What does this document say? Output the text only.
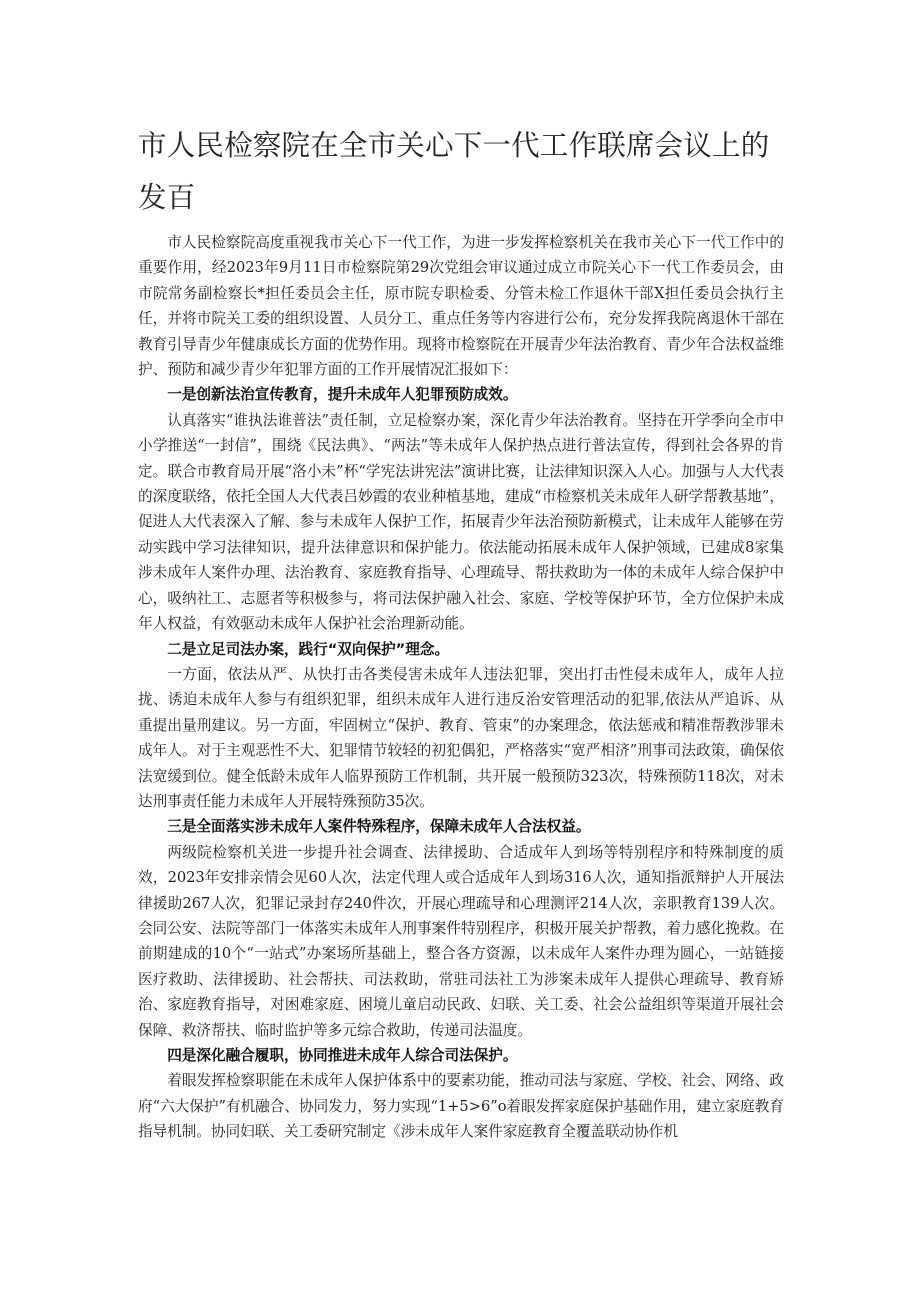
市人民检察院在全市关心下一代工作联席会议上的发百

市人民检察院高度重视我市关心下一代工作，为进一步发挥检察机关在我市关心下一代工作中的重要作用，经2023年9月11日市检察院第29次党组会审议通过成立市院关心下一代工作委员会，由市院常务副检察长*担任委员会主任，原市院专职检委、分管未检工作退休干部X担任委员会执行主任，并将市院关工委的组织设置、人员分工、重点任务等内容进行公布，充分发挥我院离退休干部在教育引导青少年健康成长方面的优势作用。现将市检察院在开展青少年法治教育、青少年合法权益维护、预防和减少青少年犯罪方面的工作开展情况汇报如下：

一是创新法治宣传教育，提升未成年人犯罪预防成效。

认真落实“谁执法谁普法”责任制，立足检察办案，深化青少年法治教育。坚持在开学季向全市中小学推送“一封信”，围绕《民法典》、“两法”等未成年人保护热点进行普法宣传，得到社会各界的肯定。联合市教育局开展“洛小未”杯“学宪法讲宪法”演讲比赛，让法律知识深入人心。加强与人大代表的深度联络，依托全国人大代表吕妙霞的农业种植基地，建成“市检察机关未成年人研学帮教基地”，促进人大代表深入了解、参与未成年人保护工作，拓展青少年法治预防新模式，让未成年人能够在劳动实践中学习法律知识，提升法律意识和保护能力。依法能动拓展未成年人保护领域，已建成8家集涉未成年人案件办理、法治教育、家庭教育指导、心理疏导、帮扶救助为一体的未成年人综合保护中心，吸纳社工、志愿者等积极参与，将司法保护融入社会、家庭、学校等保护环节，全方位保护未成年人权益，有效驱动未成年人保护社会治理新动能。

二是立足司法办案，践行“双向保护”理念。

一方面，依法从严、从快打击各类侵害未成年人违法犯罪，突出打击性侵未成年人，成年人拉拢、诱迫未成年人参与有组织犯罪，组织未成年人进行违反治安管理活动的犯罪,依法从严追诉、从重提出量刑建议。另一方面，牢固树立“保护、教育、管束”的办案理念，依法惩戒和精准帮教涉罪未成年人。对于主观恶性不大、犯罪情节较轻的初犯偶犯，严格落实“宽严相济”刑事司法政策，确保依法宽缓到位。健全低龄未成年人临界预防工作机制，共开展一般预防323次，特殊预防118次，对未达刑事责任能力未成年人开展特殊预防35次。

三是全面落实涉未成年人案件特殊程序，保障未成年人合法权益。

两级院检察机关进一步提升社会调查、法律援助、合适成年人到场等特别程序和特殊制度的质效，2023年安排亲情会见60人次，法定代理人或合适成年人到场316人次，通知指派辩护人开展法律援助267人次，犯罪记录封存240件次，开展心理疏导和心理测评214人次，亲职教育139人次。会同公安、法院等部门一体落实未成年人刑事案件特别程序，积极开展关护帮教，着力感化挽救。在前期建成的10个“一站式”办案场所基础上，整合各方资源，以未成年人案件办理为圆心，一站链接医疗救助、法律援助、社会帮扶、司法救助，常驻司法社工为涉案未成年人提供心理疏导、教育矫治、家庭教育指导，对困难家庭、困境儿童启动民政、妇联、关工委、社会公益组织等渠道开展社会保障、救济帮扶、临时监护等多元综合救助，传递司法温度。

四是深化融合履职，协同推进未成年人综合司法保护。

着眼发挥检察职能在未成年人保护体系中的要素功能，推动司法与家庭、学校、社会、网络、政府“六大保护”有机融合、协同发力，努力实现“1+5>6”o着眼发挥家庭保护基础作用，建立家庭教育指导机制。协同妇联、关工委研究制定《涉未成年人案件家庭教育全覆盖联动协作机
